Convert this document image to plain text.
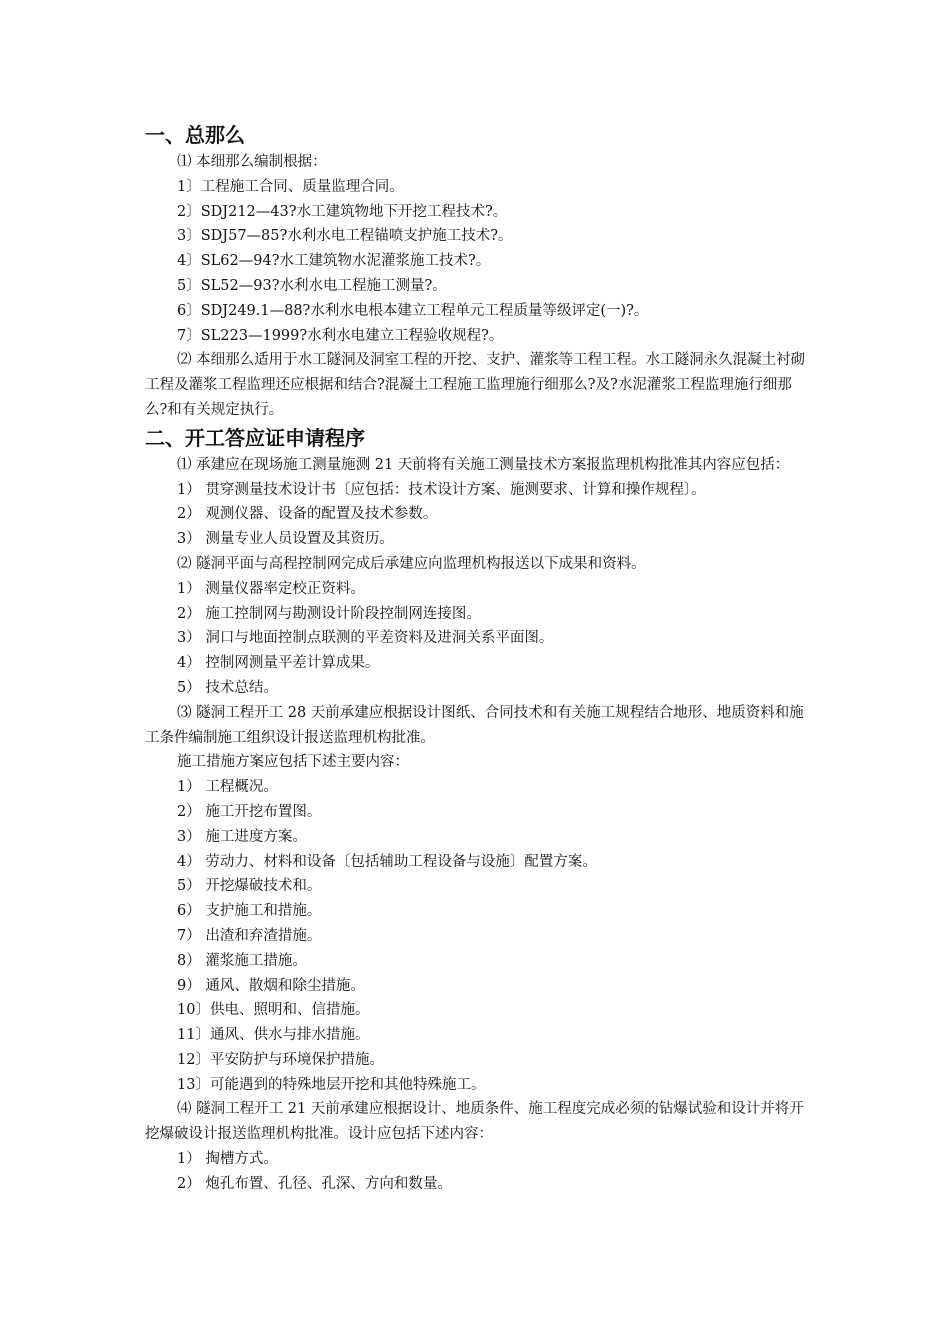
一、总那么
⑴ 本细那么编制根据：
1〕工程施工合同、质量监理合同。
2〕SDJ212—43?水工建筑物地下开挖工程技术?。
3〕SDJ57—85?水利水电工程锚喷支护施工技术?。
4〕SL62—94?水工建筑物水泥灌浆施工技术?。
5〕SL52—93?水利水电工程施工测量?。
6〕SDJ249.1—88?水利水电根本建立工程单元工程质量等级评定(一)?。
7〕SL223—1999?水利水电建立工程验收规程?。

⑵ 本细那么适用于水工隧洞及洞室工程的开挖、支护、灌浆等工程工程。水工隧洞永久混凝土衬砌工程及灌浆工程监理还应根据和结合?混凝土工程施工监理施行细那么?及?水泥灌浆工程监理施行细那么?和有关规定执行。

二、开工答应证申请程序

⑴ 承建应在现场施工测量施测 21 天前将有关施工测量技术方案报监理机构批准其内容应包括：

1） 贯穿测量技术设计书〔应包括：技术设计方案、施测要求、计算和操作规程〕。
2） 观测仪器、设备的配置及技术参数。
3） 测量专业人员设置及其资历。
⑵ 隧洞平面与高程控制网完成后承建应向监理机构报送以下成果和资料。
1） 测量仪器率定校正资料。
2） 施工控制网与勘测设计阶段控制网连接图。
3） 洞口与地面控制点联测的平差资料及进洞关系平面图。
4） 控制网测量平差计算成果。
5） 技术总结。

⑶ 隧洞工程开工 28 天前承建应根据设计图纸、合同技术和有关施工规程结合地形、地质资料和施工条件编制施工组织设计报送监理机构批准。

施工措施方案应包括下述主要内容：
1） 工程概况。
2） 施工开挖布置图。
3） 施工进度方案。
4） 劳动力、材料和设备〔包括辅助工程设备与设施〕配置方案。
5） 开挖爆破技术和。
6） 支护施工和措施。
7） 出渣和弃渣措施。
8） 灌浆施工措施。
9） 通风、散烟和除尘措施。
10〕供电、照明和、信措施。
11〕通风、供水与排水措施。
12〕平安防护与环境保护措施。
13〕可能遇到的特殊地层开挖和其他特殊施工。

⑷ 隧洞工程开工 21 天前承建应根据设计、地质条件、施工程度完成必须的钻爆试验和设计并将开挖爆破设计报送监理机构批准。设计应包括下述内容：

1） 掏槽方式。
2） 炮孔布置、孔径、孔深、方向和数量。
